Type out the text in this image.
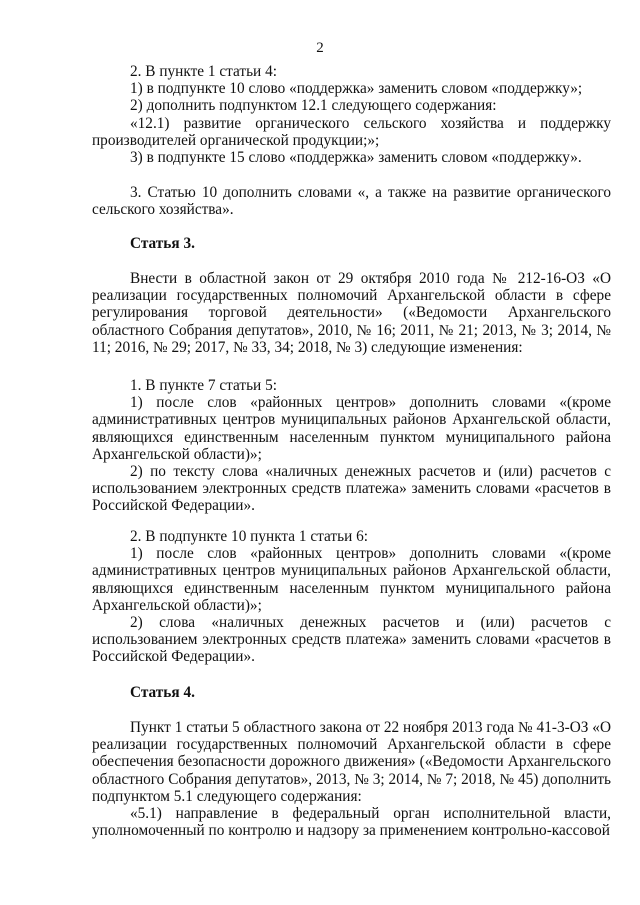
2

2. В пункте 1 статьи 4:

1) в подпункте 10 слово «поддержка» заменить словом «поддержку»;

2) дополнить подпунктом 12.1 следующего содержания:

«12.1) развитие органического сельского хозяйства и поддержку производителей органической продукции;»;

3) в подпункте 15 слово «поддержка» заменить словом «поддержку».

3. Статью 10 дополнить словами «, а также на развитие органического сельского хозяйства».

Статья 3.

Внести в областной закон от 29 октября 2010 года № 212-16-ОЗ «О реализации государственных полномочий Архангельской области в сфере регулирования торговой деятельности» («Ведомости Архангельского областного Собрания депутатов», 2010, № 16; 2011, № 21; 2013, № 3; 2014, № 11; 2016, № 29; 2017, № 33, 34; 2018, № 3) следующие изменения:

1. В пункте 7 статьи 5:

1) после слов «районных центров» дополнить словами «(кроме административных центров муниципальных районов Архангельской области, являющихся единственным населенным пунктом муниципального района Архангельской области)»;

2) по тексту слова «наличных денежных расчетов и (или) расчетов с использованием электронных средств платежа» заменить словами «расчетов в Российской Федерации».

2. В подпункте 10 пункта 1 статьи 6:

1) после слов «районных центров» дополнить словами «(кроме административных центров муниципальных районов Архангельской области, являющихся единственным населенным пунктом муниципального района Архангельской области)»;

2) слова «наличных денежных расчетов и (или) расчетов с использованием электронных средств платежа» заменить словами «расчетов в Российской Федерации».

Статья 4.

Пункт 1 статьи 5 областного закона от 22 ноября 2013 года № 41-3-ОЗ «О реализации государственных полномочий Архангельской области в сфере обеспечения безопасности дорожного движения» («Ведомости Архангельского областного Собрания депутатов», 2013, № 3; 2014, № 7; 2018, № 45) дополнить подпунктом 5.1 следующего содержания:

«5.1) направление в федеральный орган исполнительной власти, уполномоченный по контролю и надзору за применением контрольно-кассовой
